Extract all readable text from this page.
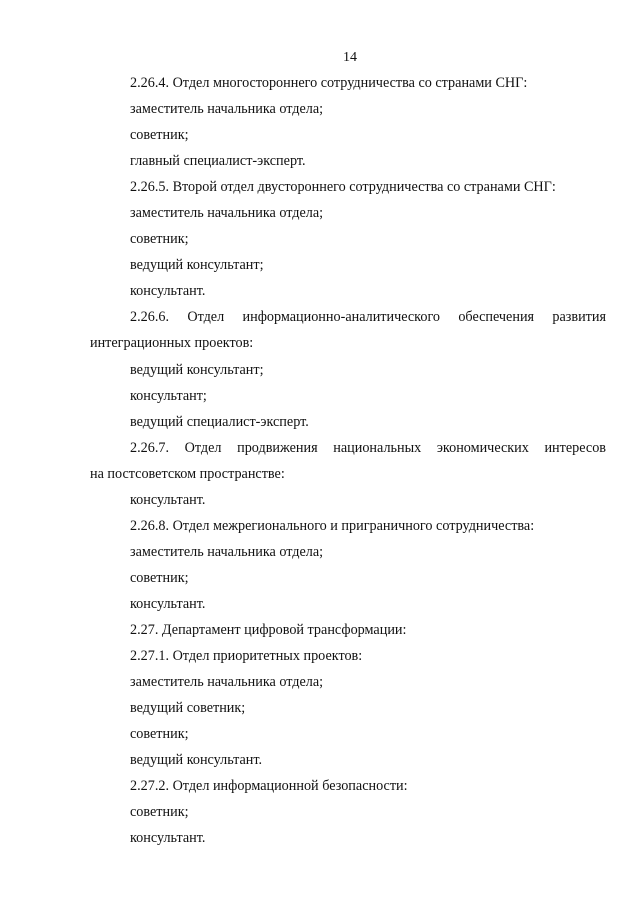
14
2.26.4. Отдел многостороннего сотрудничества со странами СНГ:
заместитель начальника отдела;
советник;
главный специалист-эксперт.
2.26.5. Второй отдел двустороннего сотрудничества со странами СНГ:
заместитель начальника отдела;
советник;
ведущий консультант;
консультант.
2.26.6. Отдел информационно-аналитического обеспечения развития
интеграционных проектов:
ведущий консультант;
консультант;
ведущий специалист-эксперт.
2.26.7. Отдел продвижения национальных экономических интересов
на постсоветском пространстве:
консультант.
2.26.8. Отдел межрегионального и приграничного сотрудничества:
заместитель начальника отдела;
советник;
консультант.
2.27. Департамент цифровой трансформации:
2.27.1. Отдел приоритетных проектов:
заместитель начальника отдела;
ведущий советник;
советник;
ведущий консультант.
2.27.2. Отдел информационной безопасности:
советник;
консультант.
